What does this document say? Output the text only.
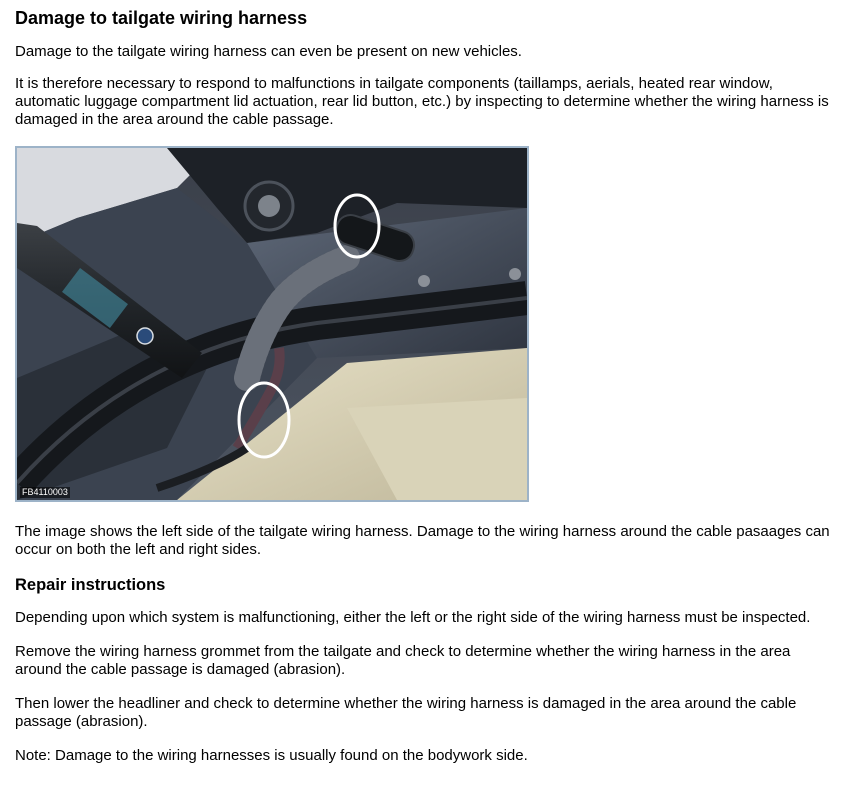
Damage to tailgate wiring harness

Damage to the tailgate wiring harness can even be present on new vehicles.

It is therefore necessary to respond to malfunctions in tailgate components (taillamps, aerials, heated rear window, automatic luggage compartment lid actuation, rear lid button, etc.) by inspecting to determine whether the wiring harness is damaged in the area around the cable passage.

FB4110003

The image shows the left side of the tailgate wiring harness. Damage to the wiring harness around the cable pasaages can occur on both the left and right sides.

Repair instructions

Depending upon which system is malfunctioning, either the left or the right side of the wiring harness must be inspected.

Remove the wiring harness grommet from the tailgate and check to determine whether the wiring harness in the area around the cable passage is damaged (abrasion).

Then lower the headliner and check to determine whether the wiring harness is damaged in the area around the cable passage (abrasion).

Note: Damage to the wiring harnesses is usually found on the bodywork side.
